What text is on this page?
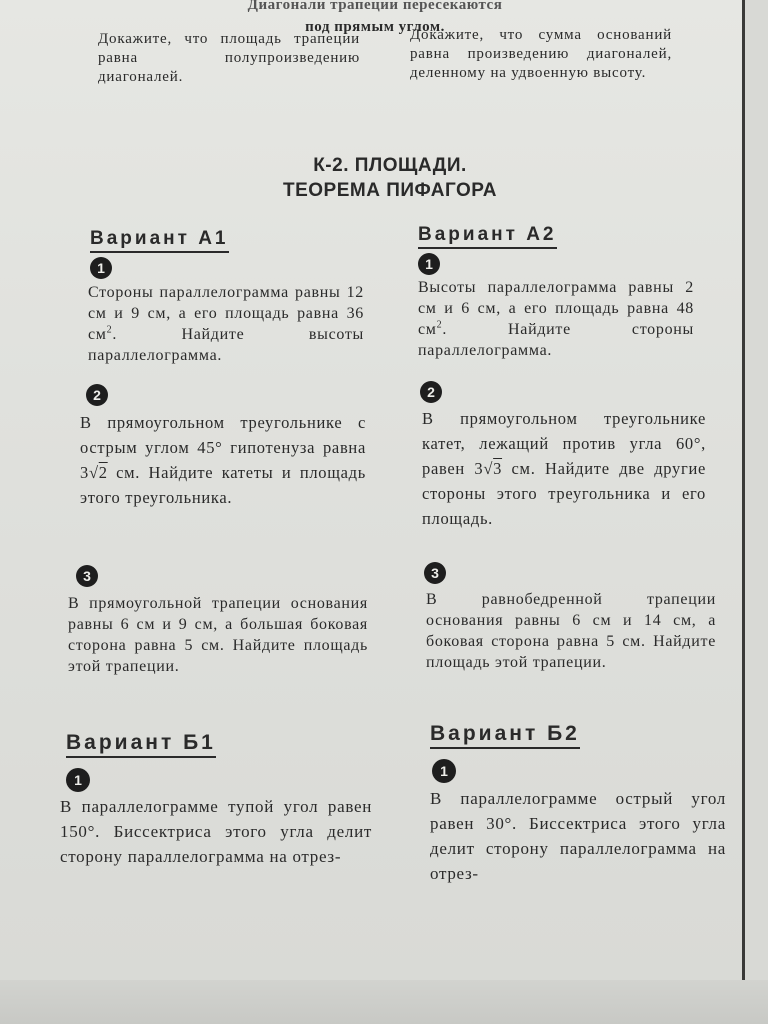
Диагонали трапеции пересекаются
под прямым углом.
Докажите, что площадь трапеции равна полупроизведению диагоналей.
Докажите, что сумма оснований равна произведению диагоналей, деленному на удвоенную высоту.
К-2. ПЛОЩАДИ.
ТЕОРЕМА ПИФАГОРА
Вариант А1
1
Стороны параллелограмма равны 12 см и 9 см, а его площадь равна 36 $см^2$. Найдите высоты параллелограмма.
2
В прямоугольном треугольнике с острым углом 45° гипотенуза равна 3√2 см. Найдите катеты и площадь этого треугольника.
3
В прямоугольной трапеции основания равны 6 см и 9 см, а большая боковая сторона равна 5 см. Найдите площадь этой трапеции.
Вариант А2
1
Высоты параллелограмма равны 2 см и 6 см, а его площадь равна 48 $см^2$. Найдите стороны параллелограмма.
2
В прямоугольном треугольнике катет, лежащий против угла 60°, равен 3√3 см. Найдите две другие стороны этого треугольника и его площадь.
3
В равнобедренной трапеции основания равны 6 см и 14 см, а боковая сторона равна 5 см. Найдите площадь этой трапеции.
Вариант Б1
1
В параллелограмме тупой угол равен 150°. Биссектриса этого угла делит сторону параллелограмма на отрез-
Вариант Б2
1
В параллелограмме острый угол равен 30°. Биссектриса этого угла делит сторону параллелограмма на отрез-
